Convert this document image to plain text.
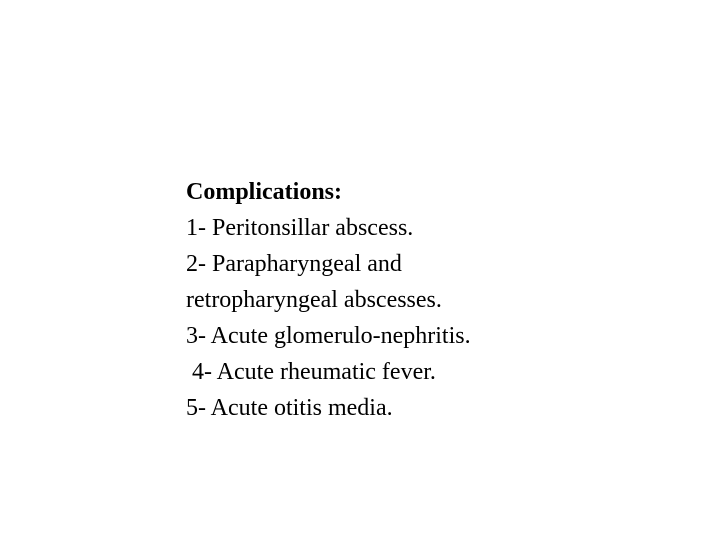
Complications:

1- Peritonsillar abscess.

2- Parapharyngeal and

retropharyngeal abscesses.

3- Acute glomerulo-nephritis.

4- Acute rheumatic fever.

5- Acute otitis media.
